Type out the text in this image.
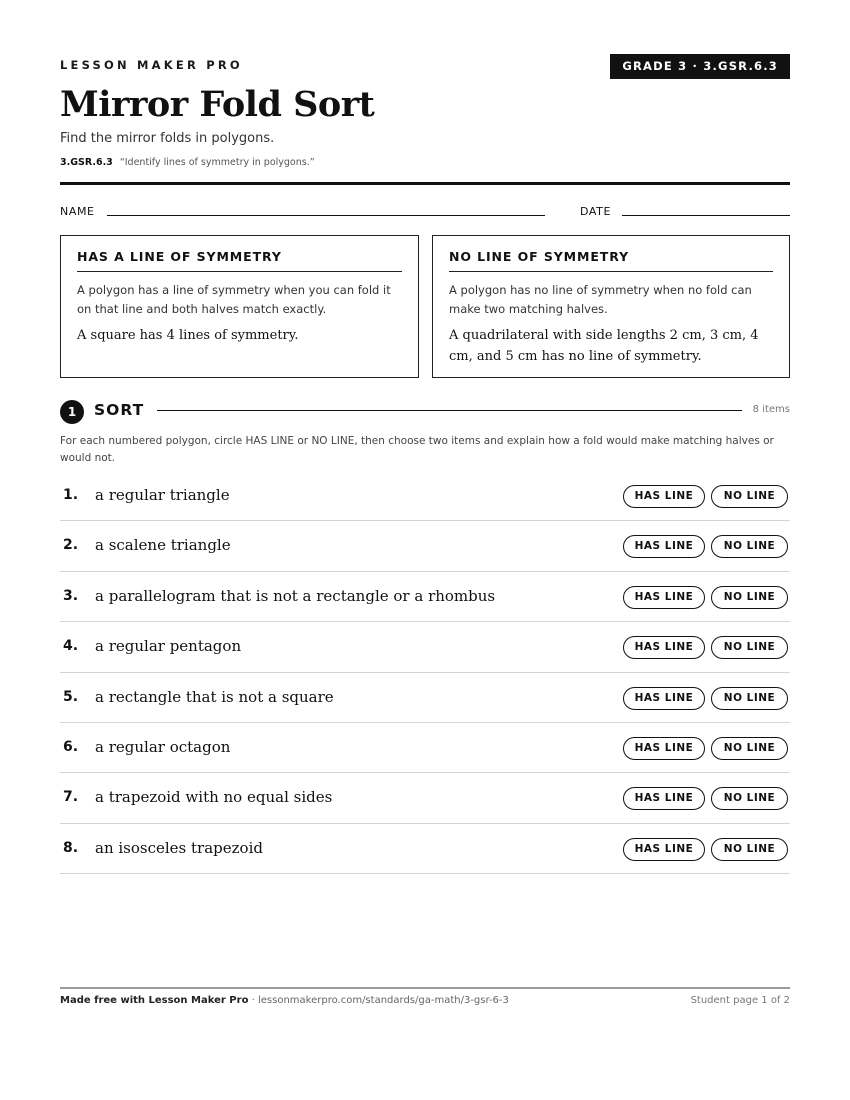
LESSON MAKER PRO	GRADE 3 · 3.GSR.6.3
Mirror Fold Sort
Find the mirror folds in polygons.
3.GSR.6.3 “Identify lines of symmetry in polygons.”
NAME	DATE
HAS A LINE OF SYMMETRY
A polygon has a line of symmetry when you can fold it on that line and both halves match exactly.
A square has 4 lines of symmetry.
NO LINE OF SYMMETRY
A polygon has no line of symmetry when no fold can make two matching halves.
A quadrilateral with side lengths 2 cm, 3 cm, 4 cm, and 5 cm has no line of symmetry.
1	SORT	8 items
For each numbered polygon, circle HAS LINE or NO LINE, then choose two items and explain how a fold would make matching halves or would not.
1. a regular triangle	HAS LINE	NO LINE
2. a scalene triangle	HAS LINE	NO LINE
3. a parallelogram that is not a rectangle or a rhombus	HAS LINE	NO LINE
4. a regular pentagon	HAS LINE	NO LINE
5. a rectangle that is not a square	HAS LINE	NO LINE
6. a regular octagon	HAS LINE	NO LINE
7. a trapezoid with no equal sides	HAS LINE	NO LINE
8. an isosceles trapezoid	HAS LINE	NO LINE
Made free with Lesson Maker Pro · lessonmakerpro.com/standards/ga-math/3-gsr-6-3	Student page 1 of 2
